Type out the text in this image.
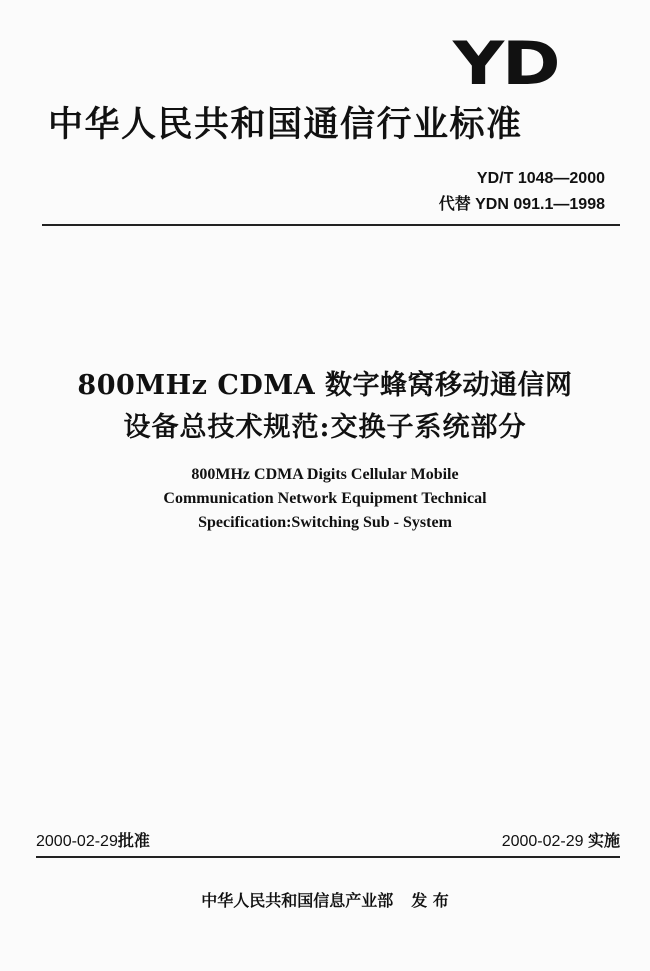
YD
中华人民共和国通信行业标准
YD/T 1048—2000
代替 YDN 091.1—1998
800MHz CDMA 数字蜂窝移动通信网
设备总技术规范:交换子系统部分
800MHz CDMA Digits Cellular Mobile
Communication Network Equipment Technical
Specification:Switching Sub - System
2000-02-29批准	2000-02-29 实施
中华人民共和国信息产业部 发 布
